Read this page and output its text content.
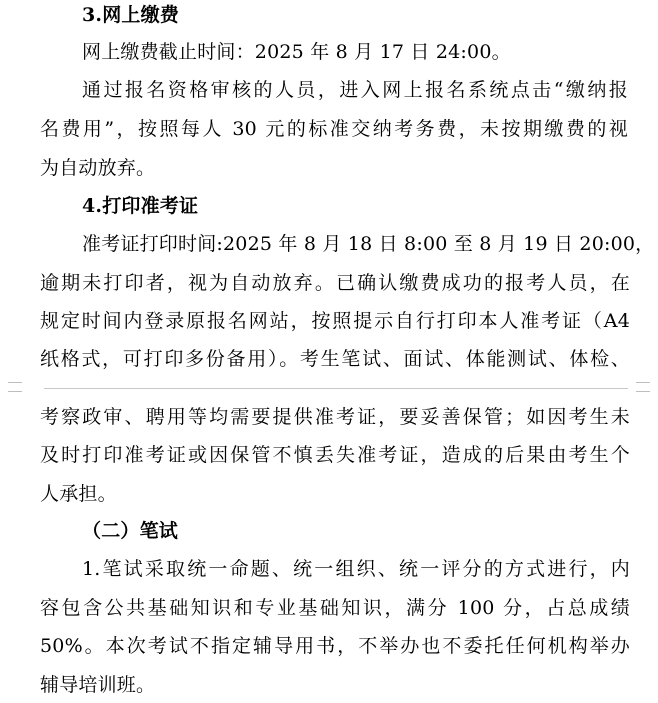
3.网上缴费
网上缴费截止时间：2025 年 8 月 17 日 24:00。
通过报名资格审核的人员，进入网上报名系统点击“缴纳报
名费用”，按照每人 30 元的标准交纳考务费，未按期缴费的视
为自动放弃。
4.打印准考证
准考证打印时间:2025 年 8 月 18 日 8:00 至 8 月 19 日 20:00，
逾期未打印者，视为自动放弃。已确认缴费成功的报考人员，在
规定时间内登录原报名网站，按照提示自行打印本人准考证（A4
纸格式，可打印多份备用）。考生笔试、面试、体能测试、体检、
考察政审、聘用等均需要提供准考证，要妥善保管；如因考生未
及时打印准考证或因保管不慎丢失准考证，造成的后果由考生个
人承担。
（二）笔试
1.笔试采取统一命题、统一组织、统一评分的方式进行，内
容包含公共基础知识和专业基础知识，满分 100 分，占总成绩
50%。本次考试不指定辅导用书，不举办也不委托任何机构举办
辅导培训班。
